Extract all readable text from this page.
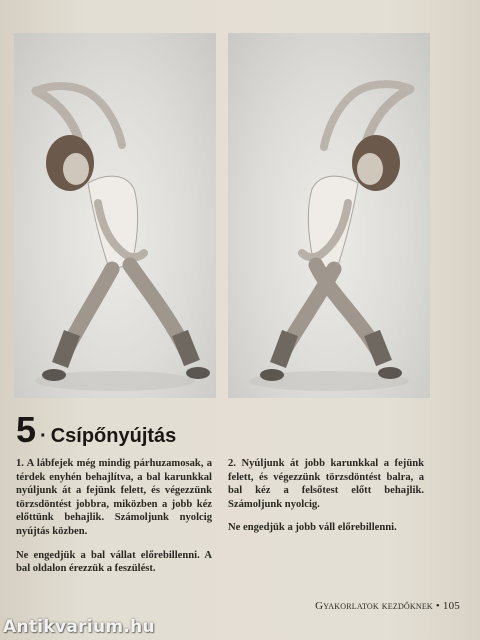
5 · Csípőnyújtás

1. A lábfejek még mindig párhuzamosak, a térdek enyhén behajlítva, a bal karunkkal nyúljunk át a fejünk felett, és végezzünk törzsdöntést jobbra, miközben a jobb kéz előttünk behajlik. Számoljunk nyolcig nyújtás közben.

Ne engedjük a bal vállat előrebillenni. A bal oldalon érezzük a feszülést.

2. Nyúljunk át jobb karunkkal a fejünk felett, és végezzünk törzsdöntést balra, a bal kéz a felsőtest előtt behajlik. Számoljunk nyolcig.

Ne engedjük a jobb váll előrebillenni.

Gyakorlatok kezdőknek • 105
Antikvarium.hu
